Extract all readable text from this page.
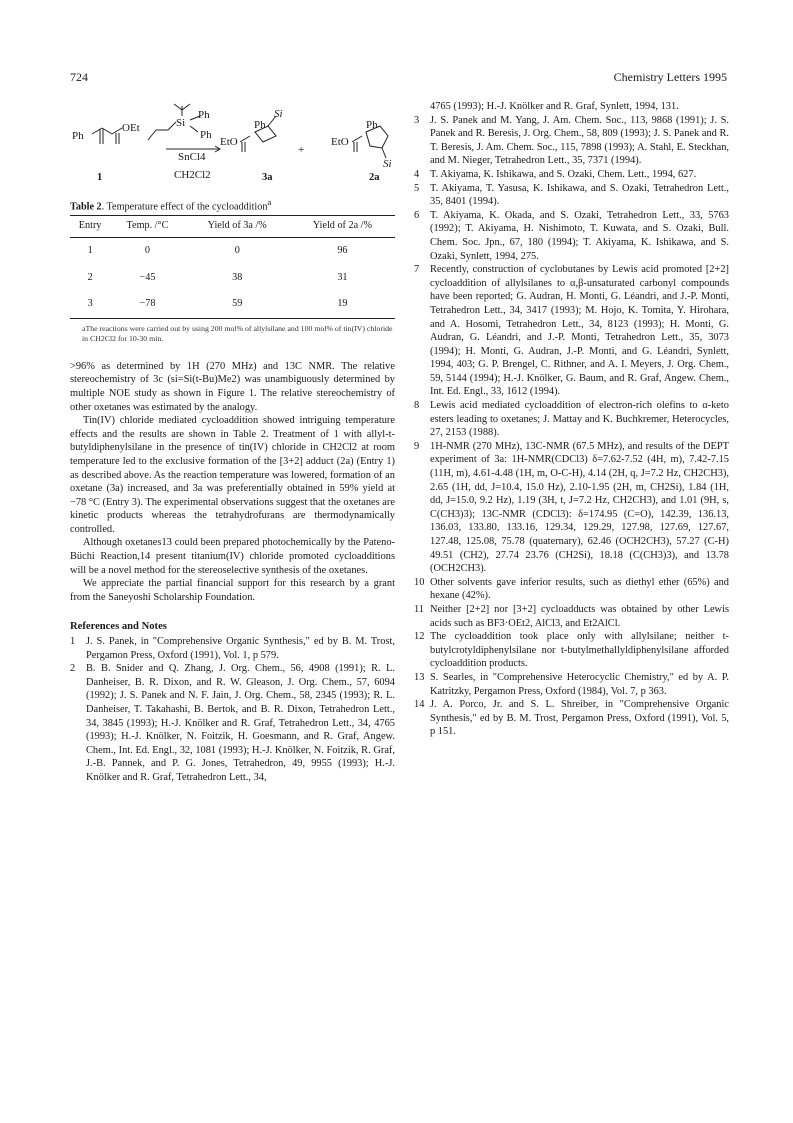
724	Chemistry Letters 1995
Ph
OEt
Ph
Si
Ph
SnCl4
CH2Cl2
Ph
Si
EtO
+
Ph
EtO
Si
1	3a	2a
Table 2. Temperature effect of the cycloaddition$^a$
Entry	Temp. /°C	Yield of 3a /%	Yield of 2a /%
1	0	0	96
2	−45	38	31
3	−78	59	19
aThe reactions were carried out by using 200 mol% of allylsilane and 100 mol% of tin(IV) chloride in CH2Cl2 for 10-30 min.

>96% as determined by 1H (270 MHz) and 13C NMR. The relative stereochemistry of 3c (si=Si(t-Bu)Me2) was unambiguously determined by multiple NOE study as shown in Figure 1. The relative stereochemistry of other oxetanes was estimated by the analogy.

Tin(IV) chloride mediated cycloaddition showed intriguing temperature effects and the results are shown in Table 2. Treatment of 1 with allyl-t-butyldiphenylsilane in the presence of tin(IV) chloride in CH2Cl2 at room temperature led to the exclusive formation of the [3+2] adduct (2a) (Entry 1) as described above. As the reaction temperature was lowered, formation of an oxetane (3a) increased, and 3a was preferentially obtained in 59% yield at −78 °C (Entry 3). The experimental observations suggest that the oxetanes are kinetic products whereas the tetrahydrofurans are thermodynamically controlled.

Although oxetanes13 could been prepared photochemically by the Pateno-Büchi Reaction,14 present titanium(IV) chloride promoted cycloadditions will be a novel method for the stereoselective synthesis of the oxetanes.

We appreciate the partial financial support for this research by a grant from the Saneyoshi Scholarship Foundation.

References and Notes
1	J. S. Panek, in "Comprehensive Organic Synthesis," ed by B. M. Trost, Pergamon Press, Oxford (1991), Vol. 1, p 579.
2	B. B. Snider and Q. Zhang, J. Org. Chem., 56, 4908 (1991); R. L. Danheiser, B. R. Dixon, and R. W. Gleason, J. Org. Chem., 57, 6094 (1992); J. S. Panek and N. F. Jain, J. Org. Chem., 58, 2345 (1993); R. L. Danheiser, T. Takahashi, B. Bertok, and B. R. Dixon, Tetrahedron Lett., 34, 3845 (1993); H.-J. Knölker and R. Graf, Tetrahedron Lett., 34, 4765 (1993); H.-J. Knölker, N. Foitzik, H. Goesmann, and R. Graf, Angew. Chem., Int. Ed. Engl., 32, 1081 (1993); H.-J. Knölker, N. Foitzik, R. Graf, J.-B. Pannek, and P. G. Jones, Tetrahedron, 49, 9955 (1993); H.-J. Knölker and R. Graf, Tetrahedron Lett., 34,
4765 (1993); H.-J. Knölker and R. Graf, Synlett, 1994, 131.
3	J. S. Panek and M. Yang, J. Am. Chem. Soc., 113, 9868 (1991); J. S. Panek and R. Beresis, J. Org. Chem., 58, 809 (1993); J. S. Panek and R. T. Beresis, J. Am. Chem. Soc., 115, 7898 (1993); A. Stahl, E. Steckhan, and M. Nieger, Tetrahedron Lett., 35, 7371 (1994).
4	T. Akiyama, K. Ishikawa, and S. Ozaki, Chem. Lett., 1994, 627.
5	T. Akiyama, T. Yasusa, K. Ishikawa, and S. Ozaki, Tetrahedron Lett., 35, 8401 (1994).
6	T. Akiyama, K. Okada, and S. Ozaki, Tetrahedron Lett., 33, 5763 (1992); T. Akiyama, H. Nishimoto, T. Kuwata, and S. Ozaki, Bull. Chem. Soc. Jpn., 67, 180 (1994); T. Akiyama, K. Ishikawa, and S. Ozaki, Synlett, 1994, 275.
7	Recently, construction of cyclobutanes by Lewis acid promoted [2+2] cycloaddition of allylsilanes to α,β-unsaturated carbonyl compounds have been reported; G. Audran, H. Monti, G. Léandri, and J.-P. Monti, Tetrahedron Lett., 34, 3417 (1993); M. Hojo, K. Tomita, Y. Hirohara, and A. Hosomi, Tetrahedron Lett., 34, 8123 (1993); H. Monti, G. Audran, G. Léandri, and J.-P. Monti, Tetrahedron Lett., 35, 3073 (1994); H. Monti, G. Audran, J.-P. Monti, and G. Léandri, Synlett, 1994, 403; G. P. Brengel, C. Rithner, and A. I. Meyers, J. Org. Chem., 59, 5144 (1994); H.-J. Knölker, G. Baum, and R. Graf, Angew. Chem., Int. Ed. Engl., 33, 1612 (1994).
8	Lewis acid mediated cycloaddition of electron-rich olefins to α-keto esters leading to oxetanes; J. Mattay and K. Buchkremer, Heterocycles, 27, 2153 (1988).
9	1H-NMR (270 MHz), 13C-NMR (67.5 MHz), and results of the DEPT experiment of 3a: 1H-NMR(CDCl3) δ=7.62-7.52 (4H, m), 7.42-7.15 (11H, m), 4.61-4.48 (1H, m, O-C-H), 4.14 (2H, q, J=7.2 Hz, CH2CH3), 2.65 (1H, dd, J=10.4, 15.0 Hz), 2.10-1.95 (2H, m, CH2Si), 1.84 (1H, dd, J=15.0, 9.2 Hz), 1.19 (3H, t, J=7.2 Hz, CH2CH3), and 1.01 (9H, s, C(CH3)3); 13C-NMR (CDCl3): δ=174.95 (C=O), 142.39, 136.13, 136.03, 133.80, 133.16, 129.34, 129.29, 127.98, 127.69, 127.67, 127.48, 125.08, 75.78 (quaternary), 62.46 (OCH2CH3), 57.27 (C-H) 49.51 (CH2), 27.74 23.76 (CH2Si), 18.18 (C(CH3)3), and 13.78 (OCH2CH3).
10 Other solvents gave inferior results, such as diethyl ether (65%) and hexane (42%).
11 Neither [2+2] nor [3+2] cycloadducts was obtained by other Lewis acids such as BF3·OEt2, AlCl3, and Et2AlCl.
12 The cycloaddition took place only with allylsilane; neither t-butylcrotyldiphenylsilane nor t-butylmethallyldiphenylsilane afforded cycloaddition products.
13 S. Searles, in "Comprehensive Heterocyclic Chemistry," ed by A. P. Katritzky, Pergamon Press, Oxford (1984), Vol. 7, p 363.
14 J. A. Porco, Jr. and S. L. Shreiber, in "Comprehensive Organic Synthesis," ed by B. M. Trost, Pergamon Press, Oxford (1991), Vol. 5, p 151.
